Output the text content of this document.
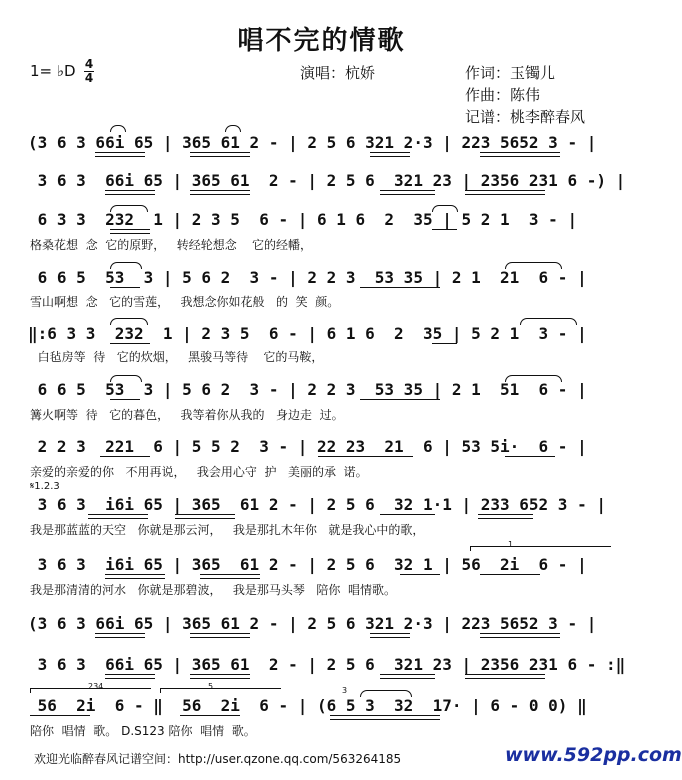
唱不完的情歌
1= ♭D 4
4	演唱：杭娇	作词：玉镯儿
作曲：陈伟
记谱：桃李醉春风
(3 6 3 66i 65 | 365 61 2 - | 2 5 6 321 2·3 | 223 5652 3 - |
3 6 3  66i 65 | 365 61  2 - | 2 5 6  321 23 | 2356 231 6 -) |
6 3 3  232  1 | 2 3 5  6 - | 6 1 6  2  35 | 5 2 1  3 - |
格桑花想  念  它的原野，   转经轮想念    它的经幡，
6 6 5  53  3 | 5 6 2  3 - | 2 2 3  53 35 | 2 1  21  6 - |
雪山啊想  念   它的雪莲，   我想念你如花般   的  笑  颜。
‖:6 3 3  232  1 | 2 3 5  6 - | 6 1 6  2  35 | 5 2 1  3 - |
白毡房等  待   它的炊烟，   黑骏马等待    它的马鞍，
6 6 5  53  3 | 5 6 2  3 - | 2 2 3  53 35 | 2 1  51  6 - |
篝火啊等  待   它的暮色，   我等着你从我的   身边走  过。
2 2 3  221  6 | 5 5 2  3 - | 22 23  21  6 | 53 5i·  6 - |
亲爱的亲爱的你   不用再说，   我会用心守  护   美丽的承  诺。
𝄋1.2.3
3 6 3  i6i 65 | 365  61 2 - | 2 5 6  32 1·1 | 233 652 3 - |
我是那蓝蓝的天空   你就是那云河，   我是那扎木年你   就是我心中的歌，
3 6 3  i6i 65 | 365  61 2 - | 2 5 6  32 1 | 56  2i  6 - |
我是那清清的河水   你就是那碧波，   我是那马头琴   陪你  唱情歌。
(3 6 3 66i 65 | 365 61 2 - | 2 5 6 321 2·3 | 223 5652 3 - |
3 6 3  66i 65 | 365 61  2 - | 2 5 6  321 23 | 2356 231 6 - :‖
56  2i  6 - ‖  56  2i  6 - | (6 5 3  32  17· | 6 - 0 0) ‖
陪你  唱情  歌。 D.S123 陪你  唱情  歌。
1
234	5	3
欢迎光临醉春风记谱空间：http://user.qzone.qq.com/563264185	www.592pp.com
